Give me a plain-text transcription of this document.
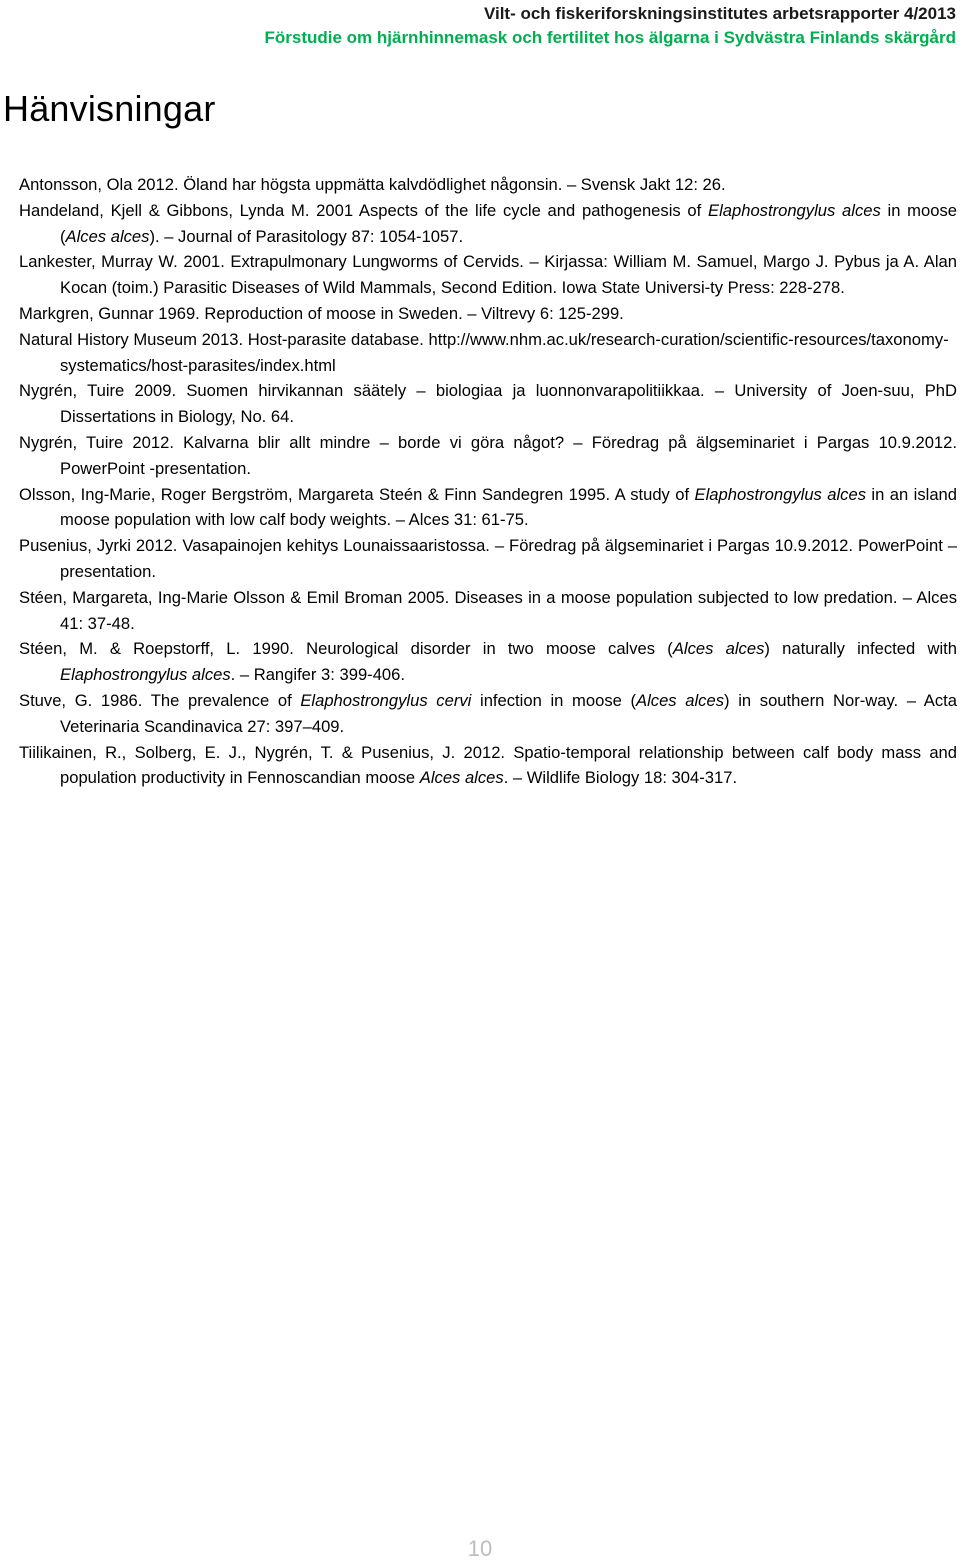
Vilt- och fiskeriforskningsinstitutes arbetsrapporter 4/2013
Förstudie om hjärnhinnemask och fertilitet hos älgarna i Sydvästra Finlands skärgård
Hänvisningar
Antonsson, Ola 2012. Öland har högsta uppmätta kalvdödlighet någonsin. – Svensk Jakt 12: 26.
Handeland, Kjell & Gibbons, Lynda M. 2001 Aspects of the life cycle and pathogenesis of Elaphostrongylus alces in moose (Alces alces). – Journal of Parasitology 87: 1054-1057.
Lankester, Murray W. 2001. Extrapulmonary Lungworms of Cervids. – Kirjassa: William M. Samuel, Margo J. Pybus ja A. Alan Kocan (toim.) Parasitic Diseases of Wild Mammals, Second Edition. Iowa State Universi-ty Press: 228-278.
Markgren, Gunnar 1969. Reproduction of moose in Sweden. – Viltrevy 6: 125-299.
Natural History Museum 2013. Host-parasite database. http://www.nhm.ac.uk/research-curation/scientific-resources/taxonomy-systematics/host-parasites/index.html
Nygrén, Tuire 2009. Suomen hirvikannan säätely – biologiaa ja luonnonvarapolitiikkaa. – University of Joen-suu, PhD Dissertations in Biology, No. 64.
Nygrén, Tuire 2012. Kalvarna blir allt mindre – borde vi göra något? – Föredrag på älgseminariet i Pargas 10.9.2012. PowerPoint -presentation.
Olsson, Ing-Marie, Roger Bergström, Margareta Steén & Finn Sandegren 1995. A study of Elaphostrongylus alces in an island moose population with low calf body weights. – Alces 31: 61-75.
Pusenius, Jyrki 2012. Vasapainojen kehitys Lounaissaaristossa. – Föredrag på älgseminariet i Pargas 10.9.2012. PowerPoint –presentation.
Stéen, Margareta, Ing-Marie Olsson & Emil Broman 2005. Diseases in a moose population subjected to low predation. – Alces 41: 37-48.
Stéen, M. & Roepstorff, L. 1990. Neurological disorder in two moose calves (Alces alces) naturally infected with Elaphostrongylus alces. – Rangifer 3: 399-406.
Stuve, G. 1986. The prevalence of Elaphostrongylus cervi infection in moose (Alces alces) in southern Nor-way. – Acta Veterinaria Scandinavica 27: 397–409.
Tiilikainen, R., Solberg, E. J., Nygrén, T. & Pusenius, J. 2012. Spatio-temporal relationship between calf body mass and population productivity in Fennoscandian moose Alces alces. – Wildlife Biology 18: 304-317.
10
